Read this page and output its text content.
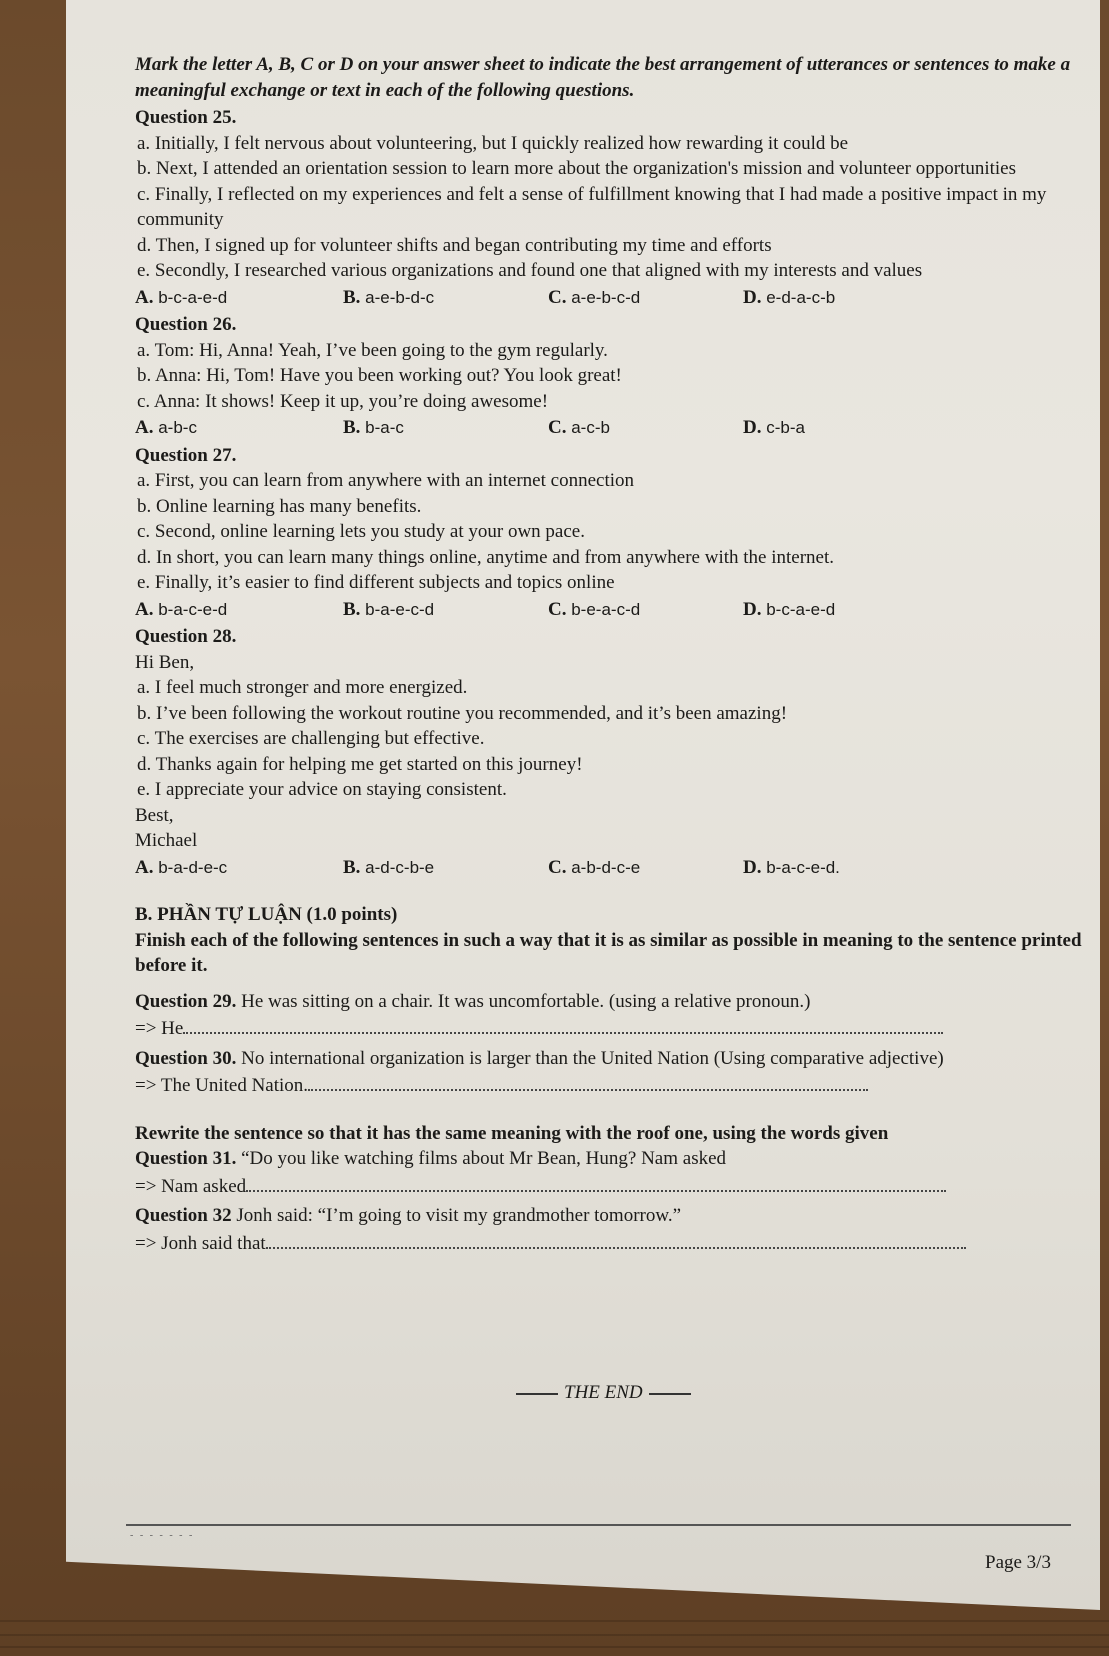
Mark the letter A, B, C or D on your answer sheet to indicate the best arrangement of utterances or sentences to make a meaningful exchange or text in each of the following questions.

Question 25.

a. Initially, I felt nervous about volunteering, but I quickly realized how rewarding it could be

b. Next, I attended an orientation session to learn more about the organization's mission and volunteer opportunities

c. Finally, I reflected on my experiences and felt a sense of fulfillment knowing that I had made a positive impact in my community

d. Then, I signed up for volunteer shifts and began contributing my time and efforts

e. Secondly, I researched various organizations and found one that aligned with my interests and values

A. b-c-a-e-d	B. a-e-b-d-c	C. a-e-b-c-d	D. e-d-a-c-b

Question 26.

a. Tom: Hi, Anna! Yeah, I’ve been going to the gym regularly.

b. Anna: Hi, Tom! Have you been working out? You look great!

c. Anna: It shows! Keep it up, you’re doing awesome!

A. a-b-c	B. b-a-c	C. a-c-b	D. c-b-a

Question 27.

a. First, you can learn from anywhere with an internet connection

b. Online learning has many benefits.

c. Second, online learning lets you study at your own pace.

d. In short, you can learn many things online, anytime and from anywhere with the internet.

e. Finally, it’s easier to find different subjects and topics online

A. b-a-c-e-d	B. b-a-e-c-d	C. b-e-a-c-d	D. b-c-a-e-d

Question 28.

Hi Ben,

a. I feel much stronger and more energized.

b. I’ve been following the workout routine you recommended, and it’s been amazing!

c. The exercises are challenging but effective.

d. Thanks again for helping me get started on this journey!

e. I appreciate your advice on staying consistent.

Best,

Michael

A. b-a-d-e-c	B. a-d-c-b-e	C. a-b-d-c-e	D. b-a-c-e-d.

B. PHẦN TỰ LUẬN (1.0 points)

Finish each of the following sentences in such a way that it is as similar as possible in meaning to the sentence printed before it.

Question 29. He was sitting on a chair. It was uncomfortable. (using a relative pronoun.)

=> He

Question 30. No international organization is larger than the United Nation (Using comparative adjective)

=> The United Nation.

Rewrite the sentence so that it has the same meaning with the roof one, using the words given

Question 31. “Do you like watching films about Mr Bean, Hung? Nam asked

=> Nam asked

Question 32 Jonh said: “I’m going to visit my grandmother tomorrow.”

=> Jonh said that

THE END
- - - - - - -
Page 3/3
